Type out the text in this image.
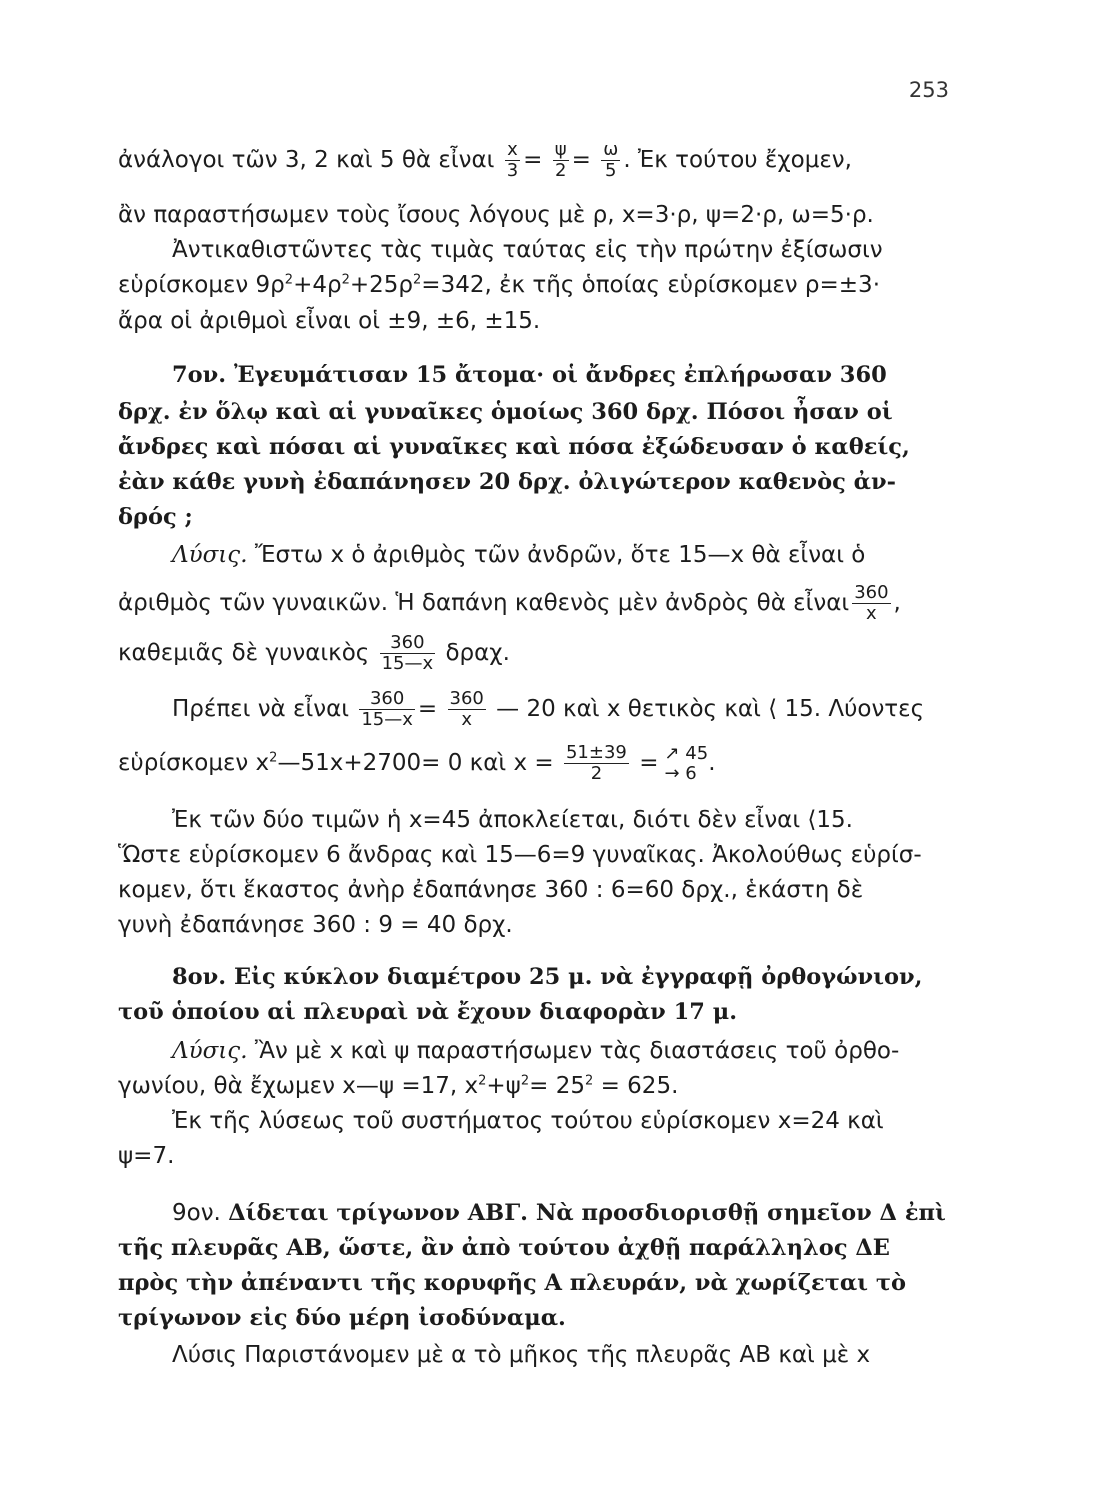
253
ἀνάλογοι τῶν 3, 2 καὶ 5 θὰ εἶναι $\frac{x}{3} = \frac{\psi}{2} = \frac{\omega}{5}$ . Ἐκ τούτου ἔχομεν,
ἂν παραστήσωμεν τοὺς ἴσους λόγους μὲ ρ, x=3·ρ, ψ=2·ρ, ω=5·ρ.
Ἀντικαθιστῶντες τὰς τιμὰς ταύτας εἰς τὴν πρώτην ἐξίσωσιν
εὑρίσκομεν $9\rho^2+4\rho^2+25\rho^2=342$, ἐκ τῆς ὁποίας εὑρίσκομεν ρ=±3·
ἄρα οἱ ἀριθμοὶ εἶναι οἱ ±9, ±6, ±15.
7ον. Ἐγευμάτισαν 15 ἄτομα· οἱ ἄνδρες ἐπλήρωσαν 360
δρχ. ἐν ὅλῳ καὶ αἱ γυναῖκες ὁμοίως 360 δρχ. Πόσοι ἦσαν οἱ
ἄνδρες καὶ πόσαι αἱ γυναῖκες καὶ πόσα ἐξώδευσαν ὁ καθείς,
ἐὰν κάθε γυνὴ ἐδαπάνησεν 20 δρχ. ὀλιγώτερον καθενὸς ἀν-
δρός ;
Λύσις. Ἔστω x ὁ ἀριθμὸς τῶν ἀνδρῶν, ὅτε 15—x θὰ εἶναι ὁ
ἀριθμὸς τῶν γυναικῶν. Ἡ δαπάνη καθενὸς μὲν ἀνδρὸς θὰ εἶναι $\frac{360}{x}$ ,
καθεμιᾶς δὲ γυναικὸς $\frac{360}{15—x} \delta\rho\alpha\chi$.
Πρέπει νὰ εἶναι $\frac{360}{15—x} = \frac{360}{x}$ — 20 καὶ x θετικὸς καὶ ⟨ 15. Λύοντες
εὑρίσκομεν $x^2—51x+2700= 0$ καὶ $x = \frac{51\pm 39}{2}$ = ↗ 45
→ 6 .
Ἐκ τῶν δύο τιμῶν ἡ x=45 ἀποκλείεται, διότι δὲν εἶναι ⟨15.
Ὥστε εὑρίσκομεν 6 ἄνδρας καὶ 15—6=9 γυναῖκας. Ἀκολούθως εὑρίσ-
κομεν, ὅτι ἕκαστος ἀνὴρ ἐδαπάνησε 360 : 6=60 δρχ., ἑκάστη δὲ
γυνὴ ἐδαπάνησε 360 : 9 = 40 δρχ.
8ον. Εἰς κύκλον διαμέτρου 25 μ. νὰ ἐγγραφῇ ὀρθογώνιον,
τοῦ ὁποίου αἱ πλευραὶ νὰ ἔχουν διαφορὰν 17 μ.
Λύσις. Ἂν μὲ x καὶ ψ παραστήσωμεν τὰς διαστάσεις τοῦ ὀρθο-
γωνίου, θὰ ἔχωμεν x—ψ =17, $x^2+\psi^2= 25^2 = 625$.
Ἐκ τῆς λύσεως τοῦ συστήματος τούτου εὑρίσκομεν x=24 καὶ
ψ=7.
9ον. Δίδεται τρίγωνον ΑΒΓ. Νὰ προσδιορισθῇ σημεῖον Δ ἐπὶ
τῆς πλευρᾶς ΑΒ, ὥστε, ἂν ἀπὸ τούτου ἀχθῇ παράλληλος ΔΕ
πρὸς τὴν ἀπέναντι τῆς κορυφῆς Α πλευράν, νὰ χωρίζεται τὸ
τρίγωνον εἰς δύο μέρη ἰσοδύναμα.
Λύσις Παριστάνομεν μὲ α τὸ μῆκος τῆς πλευρᾶς ΑΒ καὶ μὲ x
